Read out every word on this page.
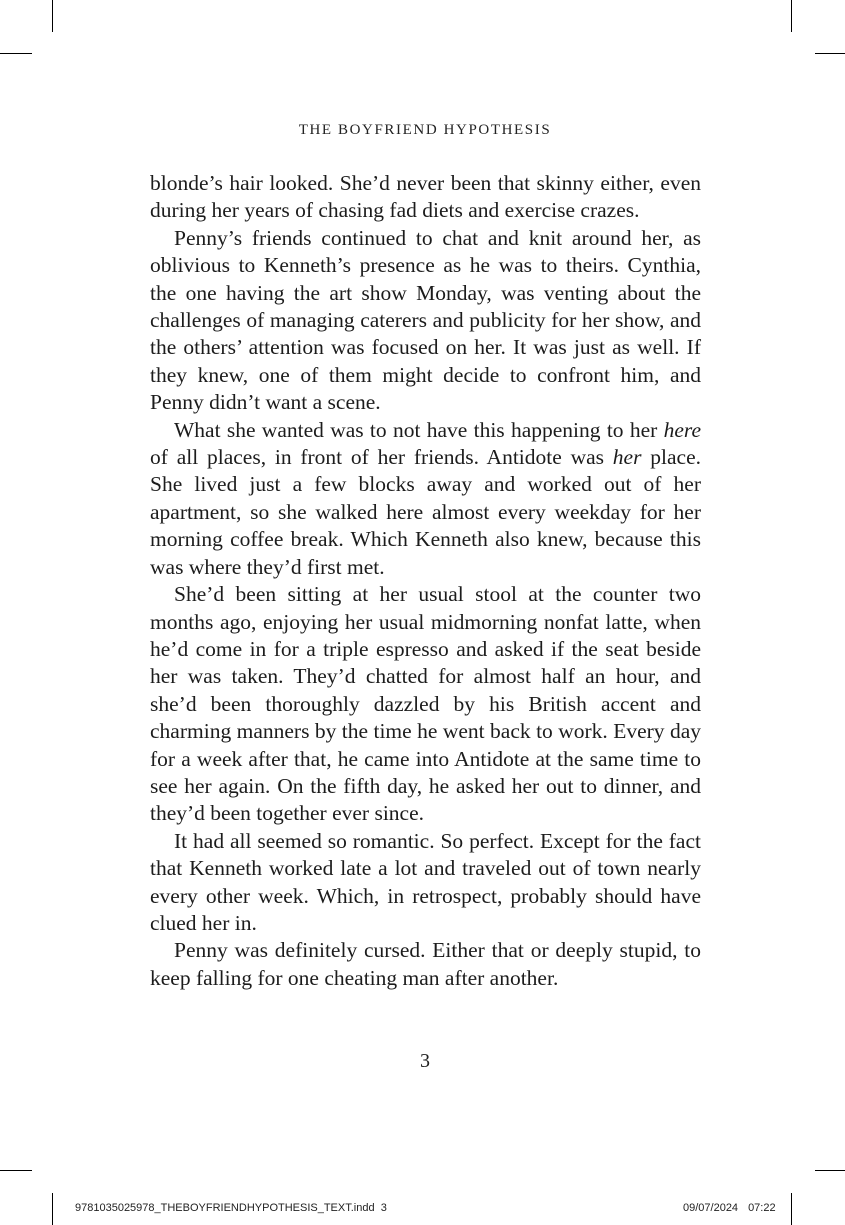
THE BOYFRIEND HYPOTHESIS

blonde’s hair looked. She’d never been that skinny either, even during her years of chasing fad diets and exercise crazes.

Penny’s friends continued to chat and knit around her, as oblivious to Kenneth’s presence as he was to theirs. Cynthia, the one having the art show Monday, was venting about the challenges of managing caterers and publicity for her show, and the others’ attention was focused on her. It was just as well. If they knew, one of them might decide to confront him, and Penny didn’t want a scene.

What she wanted was to not have this happening to her here of all places, in front of her friends. Antidote was her place. She lived just a few blocks away and worked out of her apartment, so she walked here almost every weekday for her morning coffee break. Which Kenneth also knew, because this was where they’d first met.

She’d been sitting at her usual stool at the counter two months ago, enjoying her usual midmorning nonfat latte, when he’d come in for a triple espresso and asked if the seat beside her was taken. They’d chatted for almost half an hour, and she’d been thoroughly dazzled by his British accent and charming manners by the time he went back to work. Every day for a week after that, he came into Antidote at the same time to see her again. On the fifth day, he asked her out to dinner, and they’d been together ever since.

It had all seemed so romantic. So perfect. Except for the fact that Kenneth worked late a lot and traveled out of town nearly every other week. Which, in retrospect, probably should have clued her in.

Penny was definitely cursed. Either that or deeply stupid, to keep falling for one cheating man after another.

3
9781035025978_THEBOYFRIENDHYPOTHESIS_TEXT.indd 3	09/07/2024 07:22
